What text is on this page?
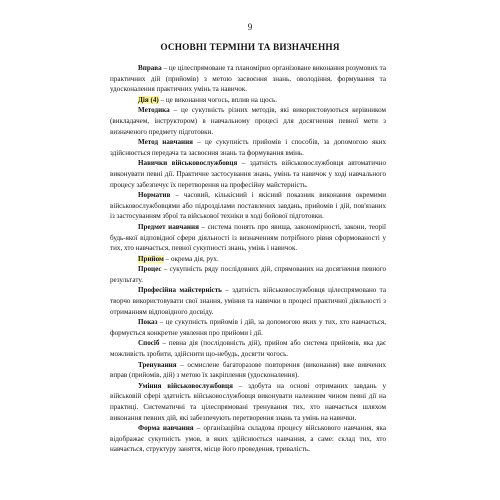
9
ОСНОВНІ ТЕРМІНИ ТА ВИЗНАЧЕННЯ

Вправа – це цілеспрямоване та планомірно організоване виконання розумових та практичних дій (прийомів) з метою засвоєння знань, оволодіння, формування та удосконалення практичних умінь та навичок.

Дія (4) – це виконання чогось, вплив на щось.

Методика – це сукупність різних методів, які використовуються керівником (викладачем, інструктором) в навчальному процесі для досягнення певної мети з визначеного предмету підготовки.

Метод навчання – це сукупність прийомів і способів, за допомогою яких здійснюється передача та засвоєння знань та формування вмінь.

Навички військовослужбовця – здатність військовослужбовця автоматично виконувати певні дії. Практичне застосування знань, умінь та навичок у ході навчального процесу забезпечує їх перетворення на професійну майстерність.

Норматив – часовий, кількісний і якісний показник виконання окремими військовослужбовцями або підрозділами поставлених завдань, прийомів і дій, пов'язаних із застосуванням зброї та військової техніки в ході бойової підготовки.

Предмет навчання – система понять про явища, закономірності, закони, теорії будь-якої відповідної сфери діяльності із визначенням потрібного рівня сформованості у тих, хто навчається, певної сукупності знань, умінь і навичок.

Прийом – окрема дія, рух.

Процес – сукупність ряду послідовних дій, спрямованих на досягнення певного результату.

Професійна майстерність – здатність військовослужбовця цілеспрямовано та творчо використовувати свої знання, уміння та навички в процесі практичної діяльності з отриманням відповідного досвіду.

Показ – це сукупність прийомів і дій, за допомогою яких у тих, хто навчається, формується конкретне уявлення про прийоми і дії.

Спосіб – певна дія (послідовність дій), прийом або система прийомів, яка дає можливість зробити, здійснити що-небудь, досягти чогось.

Тренування – осмислене багаторазове повторення (виконання) вже вивчених вправ (прийомів, дій) з метою їх закріплення (удосконалення).

Уміння військовослужбовця – здобута на основі отриманих завдань у військовій сфері здатність військовослужбовця виконувати належним чином певні дії на практиці. Систематичні та цілеспрямовані тренування тих, хто навчається шляхом виконання певних дій, які забезпечують перетворення знань та умінь на навички.

Форма навчання – організаційна складова процесу військового навчання, яка відображає сукупність умов, в яких здійснюється навчання, а саме: склад тих, хто навчається, структуру заняття, місце його проведення, тривалість.
